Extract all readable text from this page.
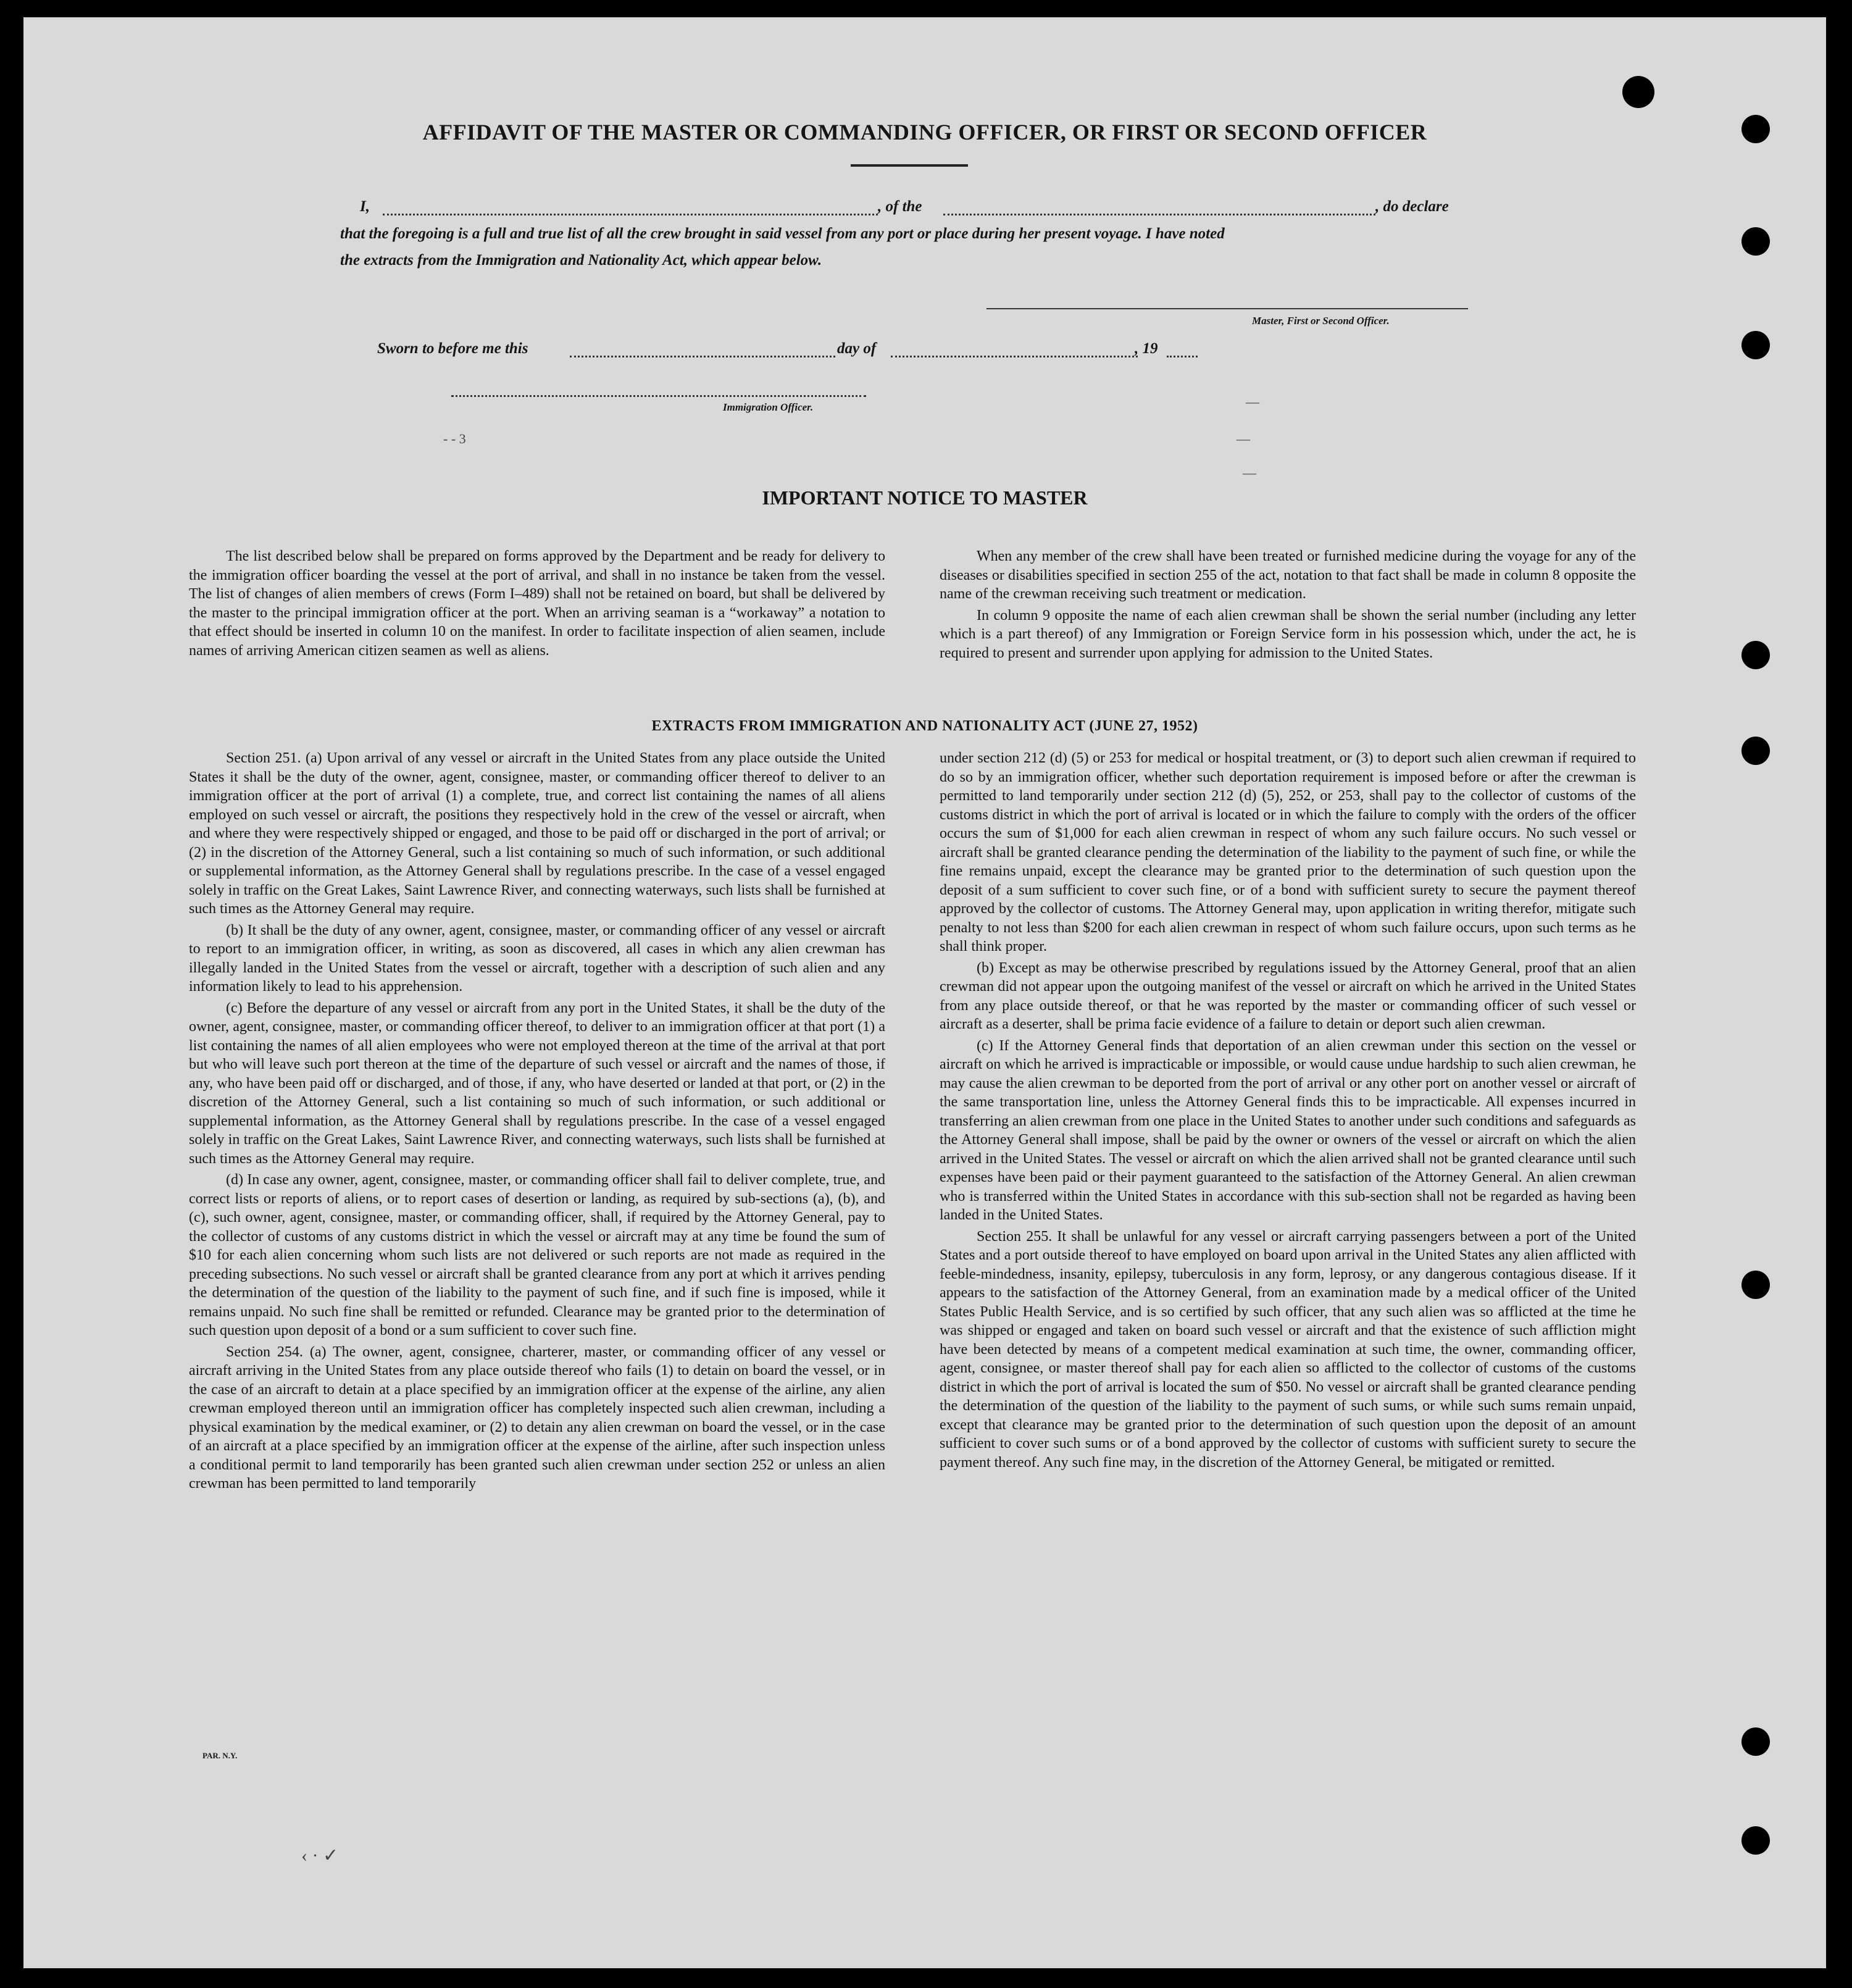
AFFIDAVIT OF THE MASTER OR COMMANDING OFFICER, OR FIRST OR SECOND OFFICER
I,	, of the	, do declare
that the foregoing is a full and true list of all the crew brought in said vessel from any port or place during her present voyage. I have noted
the extracts from the Immigration and Nationality Act, which appear below.
Master, First or Second Officer.
Sworn to before me this	day of	, 19
Immigration Officer.
- - 3
—
—
—
‹ · ✓
IMPORTANT NOTICE TO MASTER

The list described below shall be prepared on forms approved by the Department and be ready for delivery to the immigration officer boarding the vessel at the port of arrival, and shall in no instance be taken from the vessel. The list of changes of alien members of crews (Form I–489) shall not be retained on board, but shall be delivered by the master to the principal immigration officer at the port. When an arriving seaman is a “workaway” a notation to that effect should be inserted in column 10 on the manifest. In order to facilitate inspection of alien seamen, include names of arriving American citizen seamen as well as aliens.

When any member of the crew shall have been treated or furnished medicine during the voyage for any of the diseases or disabilities specified in section 255 of the act, notation to that fact shall be made in column 8 opposite the name of the crewman receiving such treatment or medication.

In column 9 opposite the name of each alien crewman shall be shown the serial number (including any letter which is a part thereof) of any Immigration or Foreign Service form in his possession which, under the act, he is required to present and surrender upon applying for admission to the United States.

EXTRACTS FROM IMMIGRATION AND NATIONALITY ACT (JUNE 27, 1952)

Section 251. (a) Upon arrival of any vessel or aircraft in the United States from any place outside the United States it shall be the duty of the owner, agent, consignee, master, or commanding officer thereof to deliver to an immigration officer at the port of arrival (1) a complete, true, and correct list containing the names of all aliens employed on such vessel or aircraft, the positions they respectively hold in the crew of the vessel or aircraft, when and where they were respectively shipped or engaged, and those to be paid off or discharged in the port of arrival; or (2) in the discretion of the Attorney General, such a list containing so much of such information, or such additional or supplemental information, as the Attorney General shall by regulations prescribe. In the case of a vessel engaged solely in traffic on the Great Lakes, Saint Lawrence River, and connecting waterways, such lists shall be furnished at such times as the Attorney General may require.

(b) It shall be the duty of any owner, agent, consignee, master, or commanding officer of any vessel or aircraft to report to an immigration officer, in writing, as soon as discovered, all cases in which any alien crewman has illegally landed in the United States from the vessel or aircraft, together with a description of such alien and any information likely to lead to his apprehension.

(c) Before the departure of any vessel or aircraft from any port in the United States, it shall be the duty of the owner, agent, consignee, master, or commanding officer thereof, to deliver to an immigration officer at that port (1) a list containing the names of all alien employees who were not employed thereon at the time of the arrival at that port but who will leave such port thereon at the time of the departure of such vessel or aircraft and the names of those, if any, who have been paid off or discharged, and of those, if any, who have deserted or landed at that port, or (2) in the discretion of the Attorney General, such a list containing so much of such information, or such additional or supplemental information, as the Attorney General shall by regulations prescribe. In the case of a vessel engaged solely in traffic on the Great Lakes, Saint Lawrence River, and connecting waterways, such lists shall be furnished at such times as the Attorney General may require.

(d) In case any owner, agent, consignee, master, or commanding officer shall fail to deliver complete, true, and correct lists or reports of aliens, or to report cases of desertion or landing, as required by sub-sections (a), (b), and (c), such owner, agent, consignee, master, or commanding officer, shall, if required by the Attorney General, pay to the collector of customs of any customs district in which the vessel or aircraft may at any time be found the sum of $10 for each alien concerning whom such lists are not delivered or such reports are not made as required in the preceding subsections. No such vessel or aircraft shall be granted clearance from any port at which it arrives pending the determination of the question of the liability to the payment of such fine, and if such fine is imposed, while it remains unpaid. No such fine shall be remitted or refunded. Clearance may be granted prior to the determination of such question upon deposit of a bond or a sum sufficient to cover such fine.

Section 254. (a) The owner, agent, consignee, charterer, master, or commanding officer of any vessel or aircraft arriving in the United States from any place outside thereof who fails (1) to detain on board the vessel, or in the case of an aircraft to detain at a place specified by an immigration officer at the expense of the airline, any alien crewman employed thereon until an immigration officer has completely inspected such alien crewman, including a physical examination by the medical examiner, or (2) to detain any alien crewman on board the vessel, or in the case of an aircraft at a place specified by an immigration officer at the expense of the airline, after such inspection unless a conditional permit to land temporarily has been granted such alien crewman under section 252 or unless an alien crewman has been permitted to land temporarily

under section 212 (d) (5) or 253 for medical or hospital treatment, or (3) to deport such alien crewman if required to do so by an immigration officer, whether such deportation requirement is imposed before or after the crewman is permitted to land temporarily under section 212 (d) (5), 252, or 253, shall pay to the collector of customs of the customs district in which the port of arrival is located or in which the failure to comply with the orders of the officer occurs the sum of $1,000 for each alien crewman in respect of whom any such failure occurs. No such vessel or aircraft shall be granted clearance pending the determination of the liability to the payment of such fine, or while the fine remains unpaid, except the clearance may be granted prior to the determination of such question upon the deposit of a sum sufficient to cover such fine, or of a bond with sufficient surety to secure the payment thereof approved by the collector of customs. The Attorney General may, upon application in writing therefor, mitigate such penalty to not less than $200 for each alien crewman in respect of whom such failure occurs, upon such terms as he shall think proper.

(b) Except as may be otherwise prescribed by regulations issued by the Attorney General, proof that an alien crewman did not appear upon the outgoing manifest of the vessel or aircraft on which he arrived in the United States from any place outside thereof, or that he was reported by the master or commanding officer of such vessel or aircraft as a deserter, shall be prima facie evidence of a failure to detain or deport such alien crewman.

(c) If the Attorney General finds that deportation of an alien crewman under this section on the vessel or aircraft on which he arrived is impracticable or impossible, or would cause undue hardship to such alien crewman, he may cause the alien crewman to be deported from the port of arrival or any other port on another vessel or aircraft of the same transportation line, unless the Attorney General finds this to be impracticable. All expenses incurred in transferring an alien crewman from one place in the United States to another under such conditions and safeguards as the Attorney General shall impose, shall be paid by the owner or owners of the vessel or aircraft on which the alien arrived in the United States. The vessel or aircraft on which the alien arrived shall not be granted clearance until such expenses have been paid or their payment guaranteed to the satisfaction of the Attorney General. An alien crewman who is transferred within the United States in accordance with this sub-section shall not be regarded as having been landed in the United States.

Section 255. It shall be unlawful for any vessel or aircraft carrying passengers between a port of the United States and a port outside thereof to have employed on board upon arrival in the United States any alien afflicted with feeble-mindedness, insanity, epilepsy, tuberculosis in any form, leprosy, or any dangerous contagious disease. If it appears to the satisfaction of the Attorney General, from an examination made by a medical officer of the United States Public Health Service, and is so certified by such officer, that any such alien was so afflicted at the time he was shipped or engaged and taken on board such vessel or aircraft and that the existence of such affliction might have been detected by means of a competent medical examination at such time, the owner, commanding officer, agent, consignee, or master thereof shall pay for each alien so afflicted to the collector of customs of the customs district in which the port of arrival is located the sum of $50. No vessel or aircraft shall be granted clearance pending the determination of the question of the liability to the payment of such sums, or while such sums remain unpaid, except that clearance may be granted prior to the determination of such question upon the deposit of an amount sufficient to cover such sums or of a bond approved by the collector of customs with sufficient surety to secure the payment thereof. Any such fine may, in the discretion of the Attorney General, be mitigated or remitted.

PAR. N.Y.
